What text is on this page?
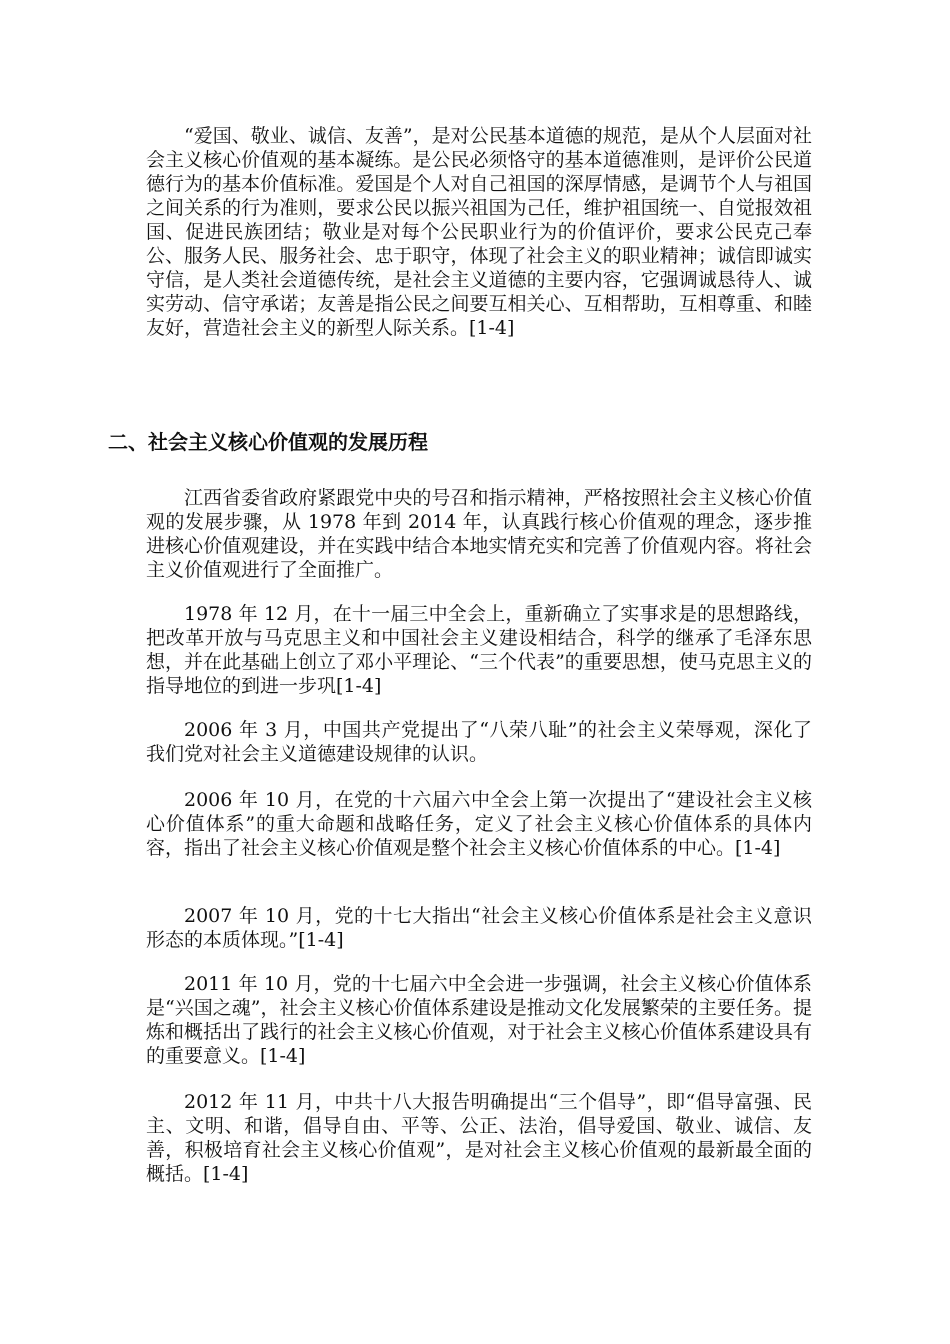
“爱国、敬业、诚信、友善”，是对公民基本道德的规范，是从个人层面对社会主义核心价值观的基本凝练。是公民必须恪守的基本道德准则，是评价公民道德行为的基本价值标准。爱国是个人对自己祖国的深厚情感，是调节个人与祖国之间关系的行为准则，要求公民以振兴祖国为己任，维护祖国统一、自觉报效祖国、促进民族团结；敬业是对每个公民职业行为的价值评价，要求公民克己奉公、服务人民、服务社会、忠于职守，体现了社会主义的职业精神；诚信即诚实守信，是人类社会道德传统，是社会主义道德的主要内容，它强调诚恳待人、诚实劳动、信守承诺；友善是指公民之间要互相关心、互相帮助，互相尊重、和睦友好，营造社会主义的新型人际关系。[1-4]

二、社会主义核心价值观的发展历程

江西省委省政府紧跟党中央的号召和指示精神，严格按照社会主义核心价值观的发展步骤，从 1978 年到 2014 年，认真践行核心价值观的理念，逐步推进核心价值观建设，并在实践中结合本地实情充实和完善了价值观内容。将社会主义价值观进行了全面推广。

1978 年 12 月，在十一届三中全会上，重新确立了实事求是的思想路线，把改革开放与马克思主义和中国社会主义建设相结合，科学的继承了毛泽东思想，并在此基础上创立了邓小平理论、“三个代表”的重要思想，使马克思主义的指导地位的到进一步巩[1-4]

2006 年 3 月，中国共产党提出了“八荣八耻”的社会主义荣辱观，深化了我们党对社会主义道德建设规律的认识。

2006 年 10 月，在党的十六届六中全会上第一次提出了“建设社会主义核心价值体系”的重大命题和战略任务，定义了社会主义核心价值体系的具体内容，指出了社会主义核心价值观是整个社会主义核心价值体系的中心。[1-4]

2007 年 10 月，党的十七大指出“社会主义核心价值体系是社会主义意识形态的本质体现。”[1-4]

2011 年 10 月，党的十七届六中全会进一步强调，社会主义核心价值体系是“兴国之魂”，社会主义核心价值体系建设是推动文化发展繁荣的主要任务。提炼和概括出了践行的社会主义核心价值观，对于社会主义核心价值体系建设具有的重要意义。[1-4]

2012 年 11 月，中共十八大报告明确提出“三个倡导”，即“倡导富强、民主、文明、和谐，倡导自由、平等、公正、法治，倡导爱国、敬业、诚信、友善，积极培育社会主义核心价值观”，是对社会主义核心价值观的最新最全面的概括。[1-4]
